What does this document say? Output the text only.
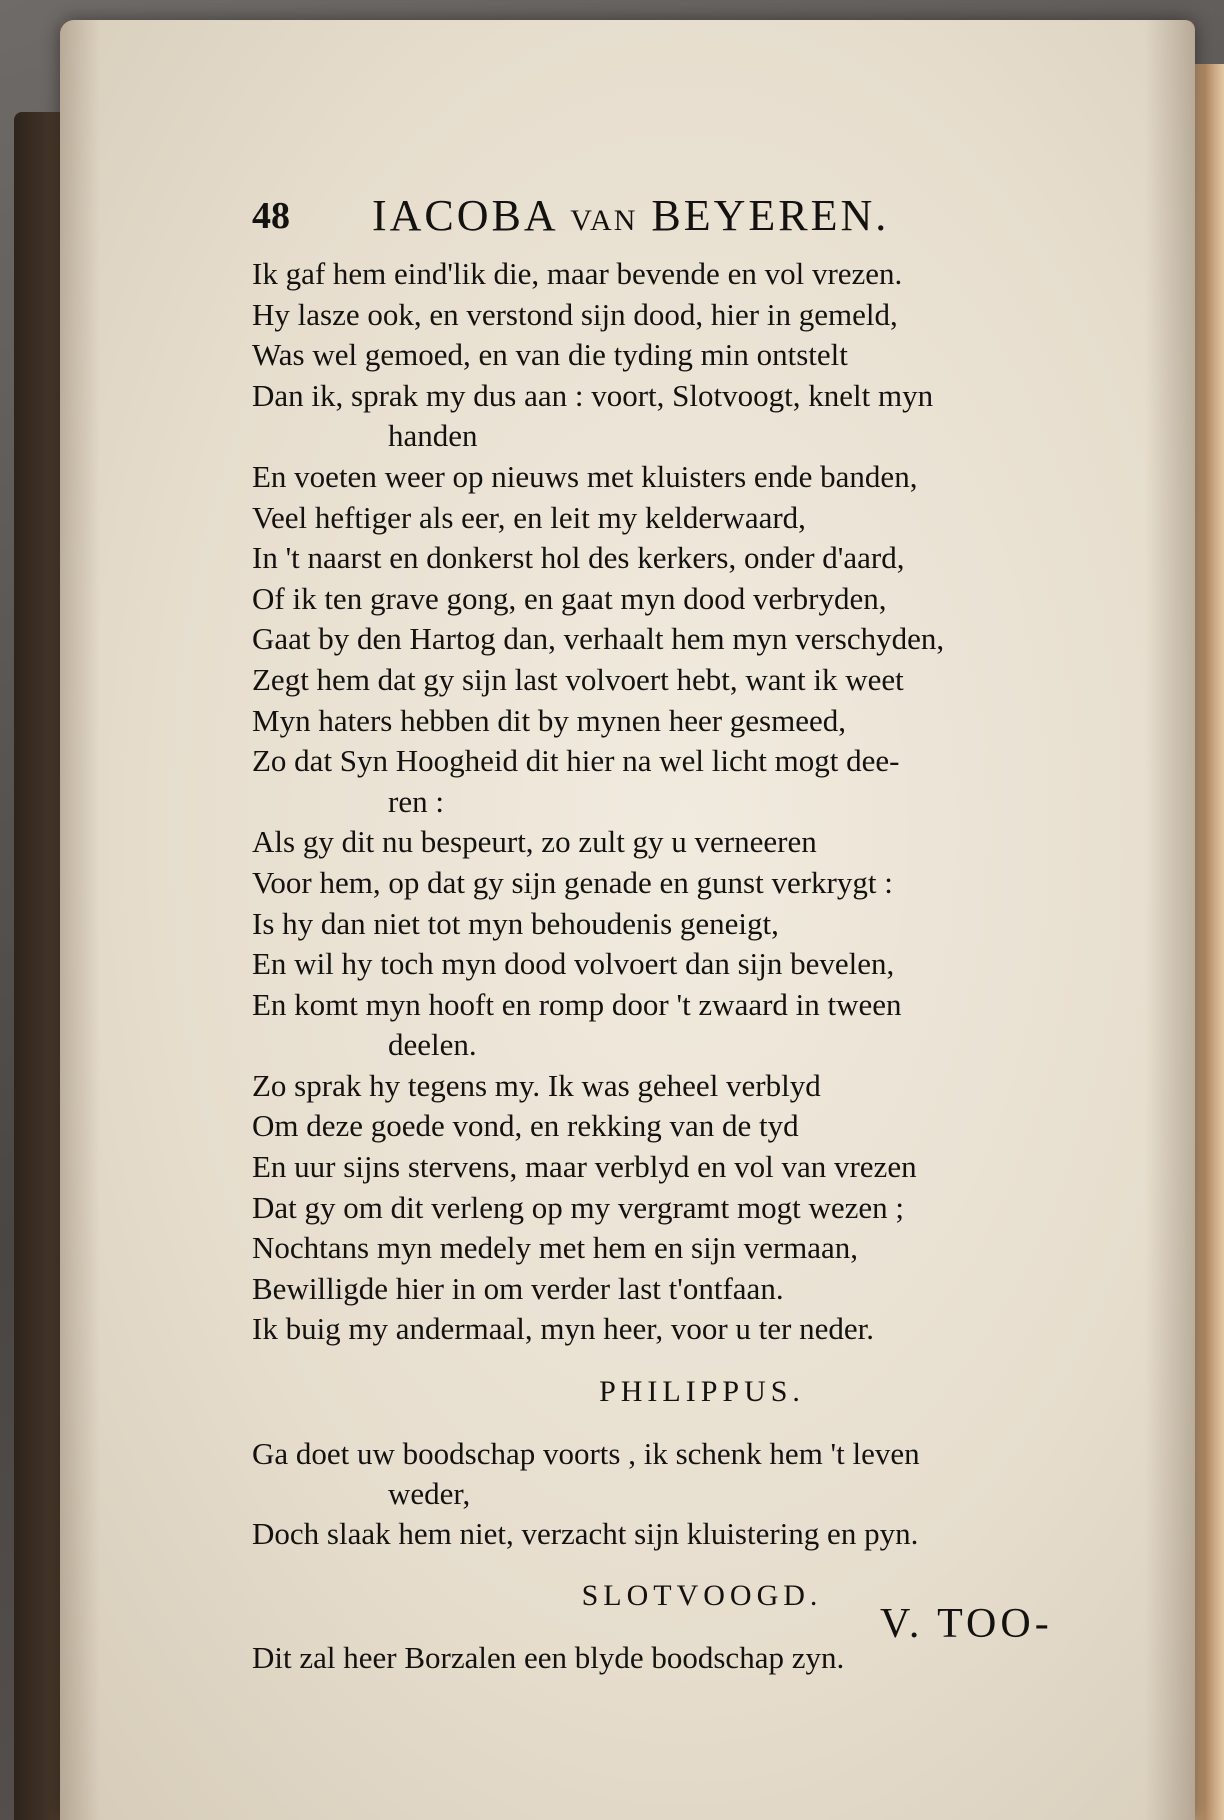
48 IACOBA VAN BEYEREN.
Ik gaf hem eind'lik die, maar bevende en vol vrezen.
Hy lasze ook, en verstond sijn dood, hier in gemeld,
Was wel gemoed, en van die tyding min ontstelt
Dan ik, sprak my dus aan : voort, Slotvoogt, knelt myn
handen
En voeten weer op nieuws met kluisters ende banden,
Veel heftiger als eer, en leit my kelderwaard,
In 't naarst en donkerst hol des kerkers, onder d'aard,
Of ik ten grave gong, en gaat myn dood verbryden,
Gaat by den Hartog dan, verhaalt hem myn verschyden,
Zegt hem dat gy sijn last volvoert hebt, want ik weet
Myn haters hebben dit by mynen heer gesmeed,
Zo dat Syn Hoogheid dit hier na wel licht mogt dee-
ren :
Als gy dit nu bespeurt, zo zult gy u verneeren
Voor hem, op dat gy sijn genade en gunst verkrygt :
Is hy dan niet tot myn behoudenis geneigt,
En wil hy toch myn dood volvoert dan sijn bevelen,
En komt myn hooft en romp door 't zwaard in tween
deelen.
Zo sprak hy tegens my. Ik was geheel verblyd
Om deze goede vond, en rekking van de tyd
En uur sijns stervens, maar verblyd en vol van vrezen
Dat gy om dit verleng op my vergramt mogt wezen ;
Nochtans myn medely met hem en sijn vermaan,
Bewilligde hier in om verder last t'ontfaan.
Ik buig my andermaal, myn heer, voor u ter neder.
PHILIPPUS.
Ga doet uw boodschap voorts , ik schenk hem 't leven
weder,
Doch slaak hem niet, verzacht sijn kluistering en pyn.
SLOTVOOGD.
Dit zal heer Borzalen een blyde boodschap zyn.
V. TOO-
